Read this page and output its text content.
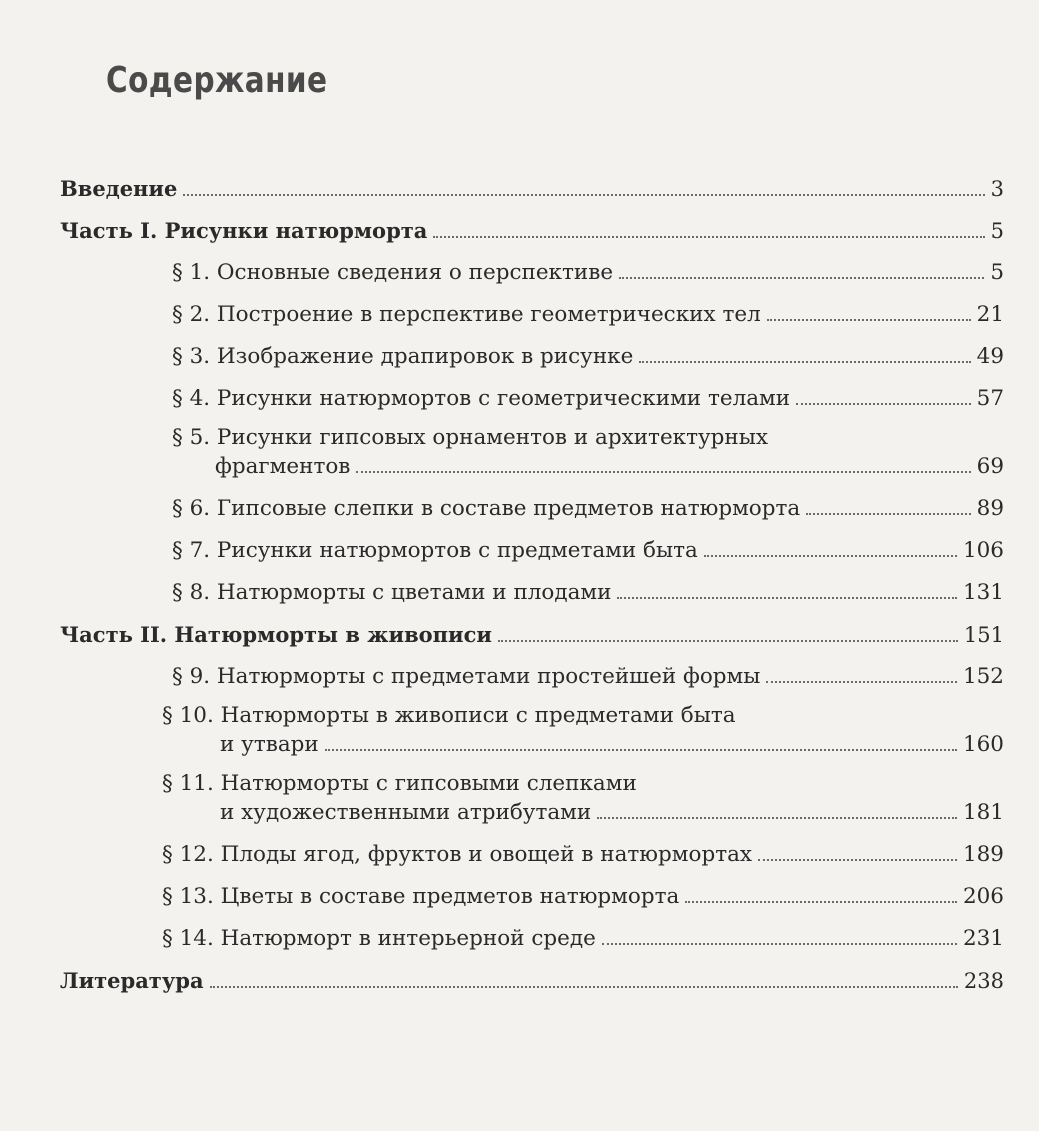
Содержание
Введение	3
Часть I. Рисунки натюрморта	5
§ 1. Основные сведения о перспективе	5
§ 2. Построение в перспективе геометрических тел	21
§ 3. Изображение драпировок в рисунке	49
§ 4. Рисунки натюрмортов с геометрическими телами	57
§ 5. Рисунки гипсовых орнаментов и архитектурных
фрагментов	69
§ 6. Гипсовые слепки в составе предметов натюрморта	89
§ 7. Рисунки натюрмортов с предметами быта	106
§ 8. Натюрморты с цветами и плодами	131
Часть II. Натюрморты в живописи	151
§ 9. Натюрморты с предметами простейшей формы	152
§ 10. Натюрморты в живописи с предметами быта
и утвари	160
§ 11. Натюрморты с гипсовыми слепками
и художественными атрибутами	181
§ 12. Плоды ягод, фруктов и овощей в натюрмортах	189
§ 13. Цветы в составе предметов натюрморта	206
§ 14. Натюрморт в интерьерной среде	231
Литература	238
